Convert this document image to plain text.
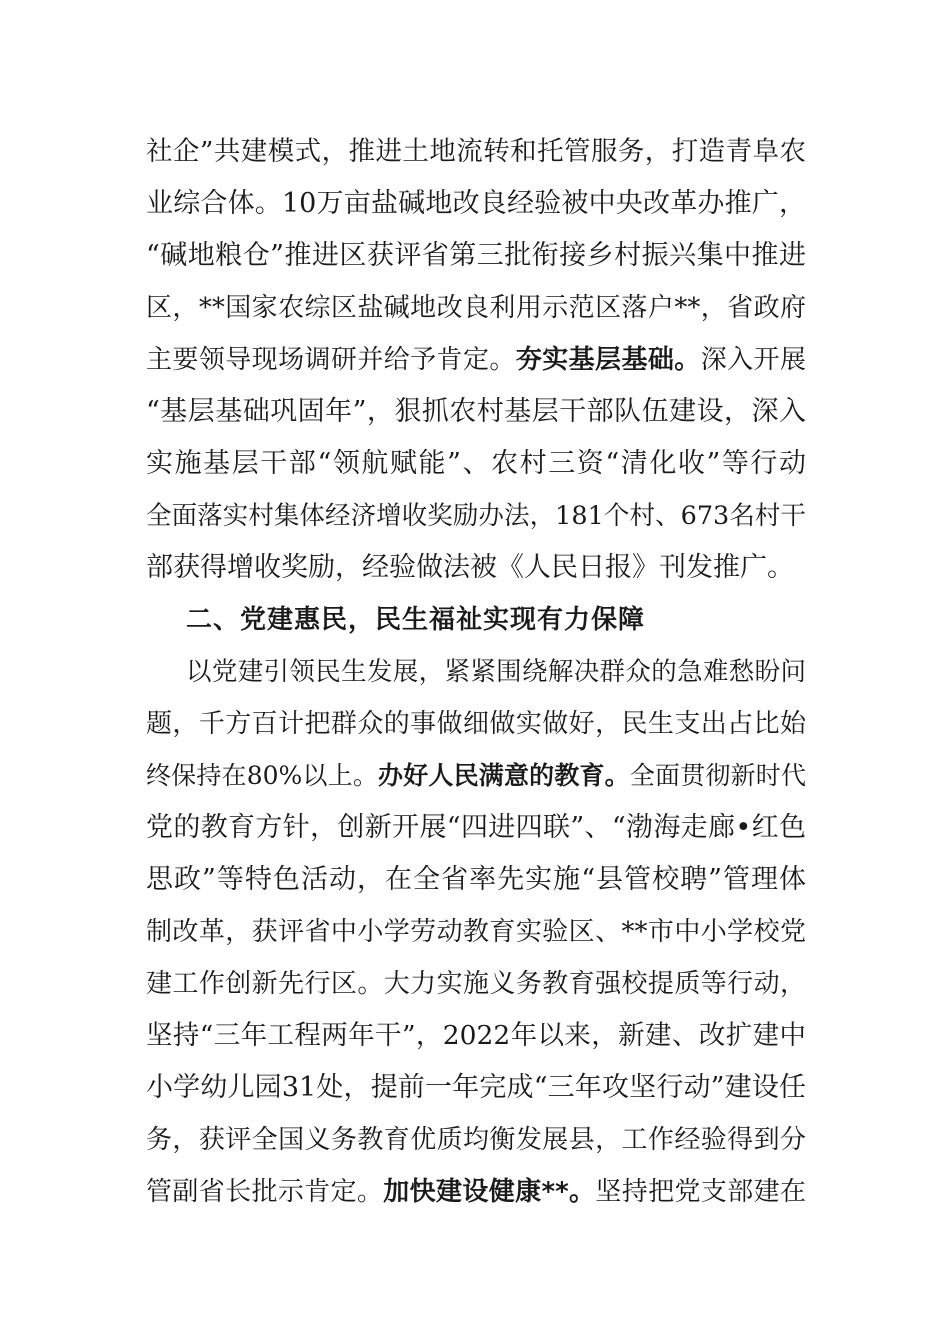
社企”共建模式，推进土地流转和托管服务，打造青阜农
业综合体。10万亩盐碱地改良经验被中央改革办推广，
“碱地粮仓”推进区获评省第三批衔接乡村振兴集中推进
区，**国家农综区盐碱地改良利用示范区落户**，省政府
主要领导现场调研并给予肯定。夯实基层基础。深入开展
“基层基础巩固年”，狠抓农村基层干部队伍建设，深入
实施基层干部“领航赋能”、农村三资“清化收”等行动
全面落实村集体经济增收奖励办法，181个村、673名村干
部获得增收奖励，经验做法被《人民日报》刊发推广。
二、党建惠民，民生福祉实现有力保障
以党建引领民生发展，紧紧围绕解决群众的急难愁盼问
题，千方百计把群众的事做细做实做好，民生支出占比始
终保持在80%以上。办好人民满意的教育。全面贯彻新时代
党的教育方针，创新开展“四进四联”、“渤海走廊•红色
思政”等特色活动，在全省率先实施“县管校聘”管理体
制改革，获评省中小学劳动教育实验区、**市中小学校党
建工作创新先行区。大力实施义务教育强校提质等行动，
坚持“三年工程两年干”，2022年以来，新建、改扩建中
小学幼儿园31处，提前一年完成“三年攻坚行动”建设任
务，获评全国义务教育优质均衡发展县，工作经验得到分
管副省长批示肯定。加快建设健康**。坚持把党支部建在
